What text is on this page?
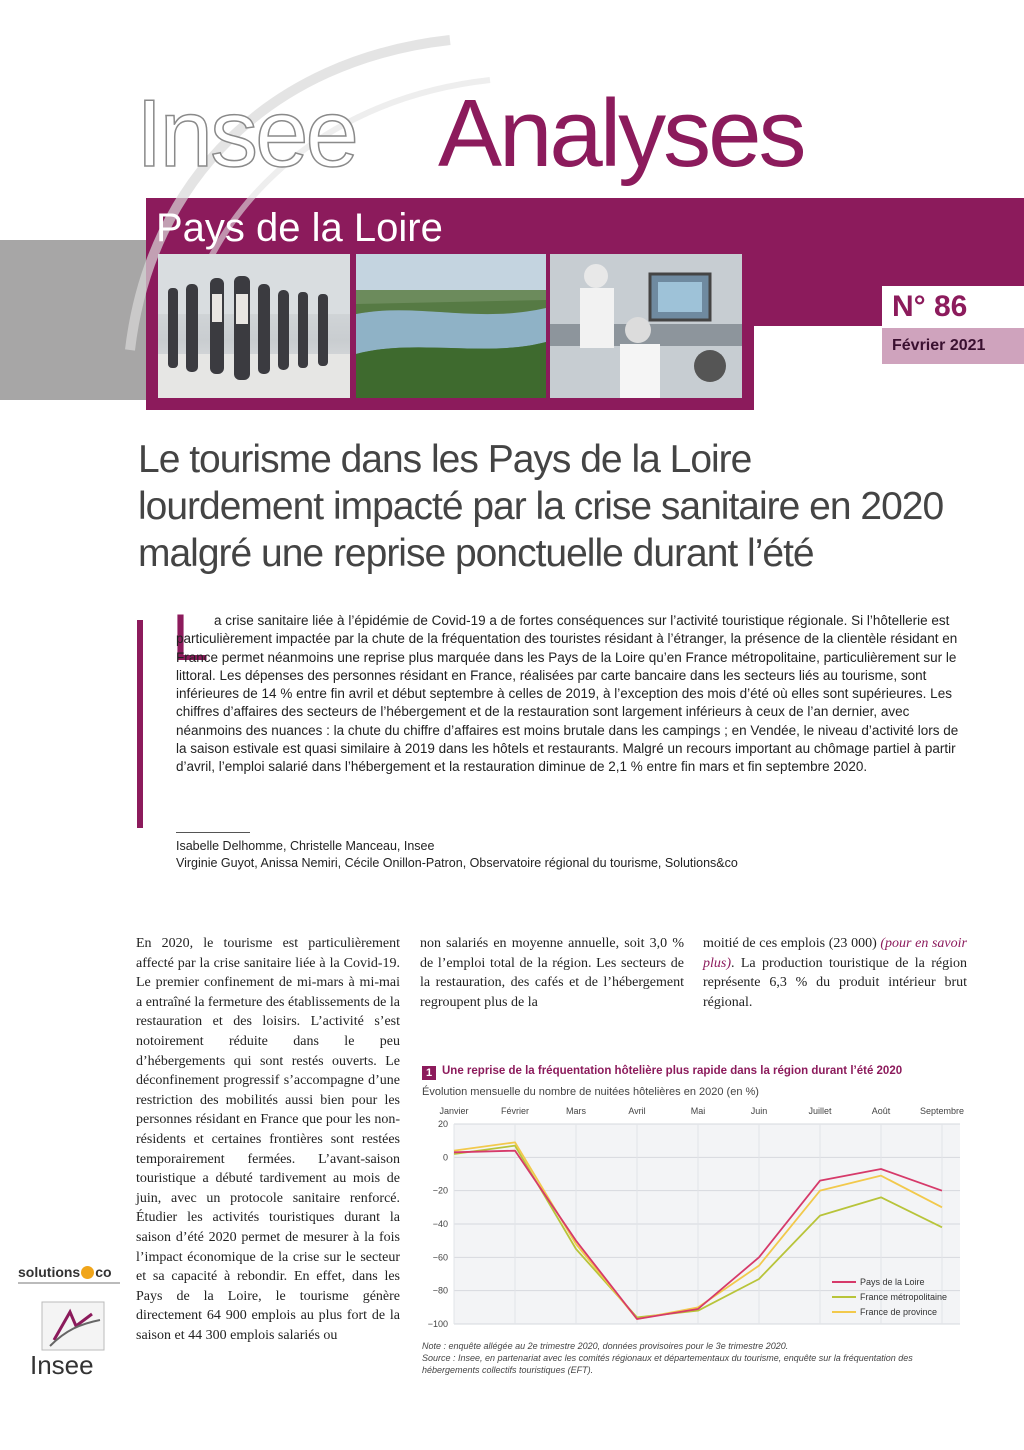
Insee Analyses
Pays de la Loire
N° 86
Février 2021
Le tourisme dans les Pays de la Loire
lourdement impacté par la crise sanitaire en 2020
malgré une reprise ponctuelle durant l’été
L a crise sanitaire liée à l’épidémie de Covid-19 a de fortes conséquences sur l’activité touristique régionale. Si l’hôtellerie est particulièrement impactée par la chute de la fréquentation des touristes résidant à l’étranger, la présence de la clientèle résidant en France permet néanmoins une reprise plus marquée dans les Pays de la Loire qu’en France métropolitaine, particulièrement sur le littoral. Les dépenses des personnes résidant en France, réalisées par carte bancaire dans les secteurs liés au tourisme, sont inférieures de 14 % entre fin avril et début septembre à celles de 2019, à l’exception des mois d’été où elles sont supérieures. Les chiffres d’affaires des secteurs de l’hébergement et de la restauration sont largement inférieurs à ceux de l’an dernier, avec néanmoins des nuances : la chute du chiffre d’affaires est moins brutale dans les campings ; en Vendée, le niveau d’activité lors de la saison estivale est quasi similaire à 2019 dans les hôtels et restaurants. Malgré un recours important au chômage partiel à partir d’avril, l’emploi salarié dans l’hébergement et la restauration diminue de 2,1 % entre fin mars et fin septembre 2020.
Isabelle Delhomme, Christelle Manceau, Insee
Virginie Guyot, Anissa Nemiri, Cécile Onillon-Patron, Observatoire régional du tourisme, Solutions&co
En 2020, le tourisme est particulièrement affecté par la crise sanitaire liée à la Covid-19. Le premier confinement de mi-mars à mi-mai a entraîné la fermeture des établissements de la restauration et des loisirs. L’activité s’est notoirement réduite dans le peu d’hébergements qui sont restés ouverts. Le déconfinement progressif s’accompagne d’une restriction des mobilités aussi bien pour les personnes résidant en France que pour les non-résidents et certaines frontières sont restées temporairement fermées. L’avant-saison touristique a débuté tardivement au mois de juin, avec un protocole sanitaire renforcé. Étudier les activités touristiques durant la saison d’été 2020 permet de mesurer à la fois l’impact économique de la crise sur le secteur et sa capacité à rebondir. En effet, dans les Pays de la Loire, le tourisme génère directement 64 900 emplois au plus fort de la saison et 44 300 emplois salariés ou
non salariés en moyenne annuelle, soit 3,0 % de l’emploi total de la région. Les secteurs de la restauration, des cafés et de l’hébergement regroupent plus de la
moitié de ces emplois (23 000) (pour en savoir plus). La production touristique de la région représente 6,3 % du produit intérieur brut régional.
solutions co
Insee
1 Une reprise de la fréquentation hôtelière plus rapide dans la région durant l’été 2020
Évolution mensuelle du nombre de nuitées hôtelières en 2020 (en %)
20
0
−20
−40
−60
−80
−100
Janvier	Février	Mars	Avril	Mai	Juin	Juillet	Août	Septembre
Pays de la Loire
France métropolitaine
France de province
Note : enquête allégée au 2e trimestre 2020, données provisoires pour le 3e trimestre 2020.
Source : Insee, en partenariat avec les comités régionaux et départementaux du tourisme, enquête sur la fréquentation des hébergements collectifs touristiques (EFT).
